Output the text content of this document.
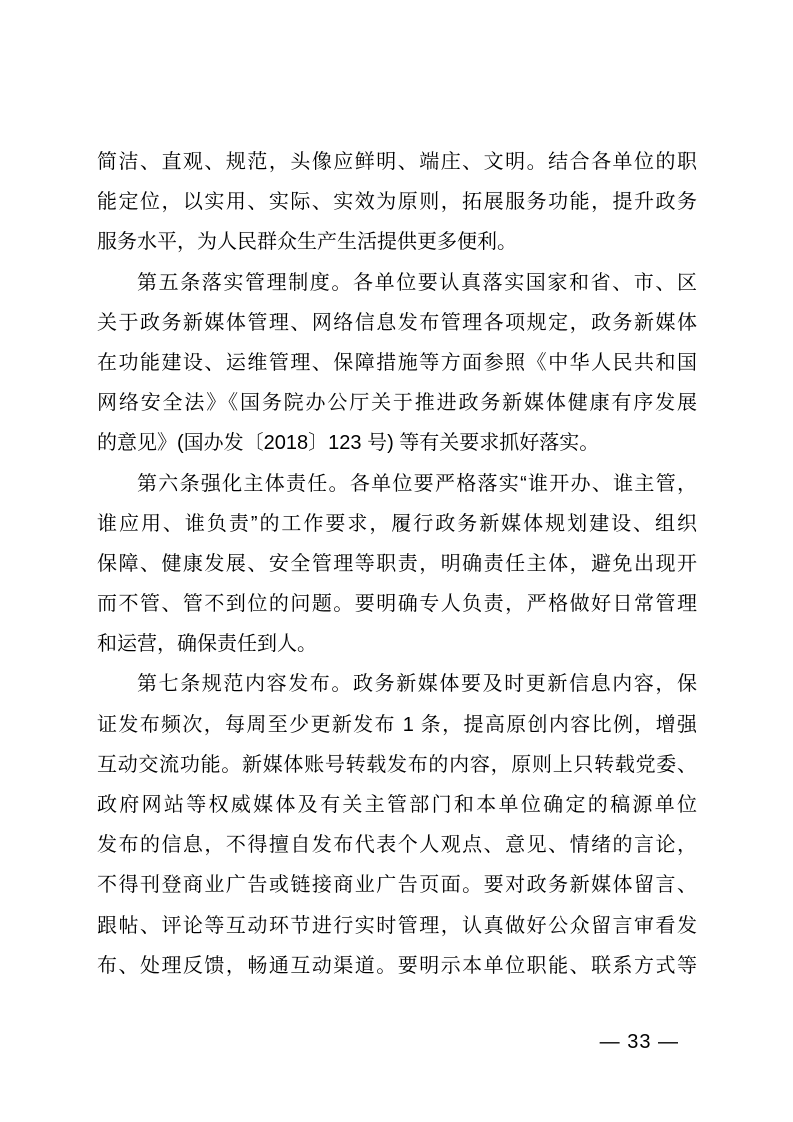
简洁、直观、规范，头像应鲜明、端庄、文明。结合各单位的职
能定位，以实用、实际、实效为原则，拓展服务功能，提升政务
服务水平，为人民群众生产生活提供更多便利。
第五条落实管理制度。各单位要认真落实国家和省、市、区
关于政务新媒体管理、网络信息发布管理各项规定，政务新媒体
在功能建设、运维管理、保障措施等方面参照《中华人民共和国
网络安全法》《国务院办公厅关于推进政务新媒体健康有序发展
的意见》(国办发〔2018〕123 号) 等有关要求抓好落实。
第六条强化主体责任。各单位要严格落实“谁开办、谁主管，
谁应用、谁负责”的工作要求，履行政务新媒体规划建设、组织
保障、健康发展、安全管理等职责，明确责任主体，避免出现开
而不管、管不到位的问题。要明确专人负责，严格做好日常管理
和运营，确保责任到人。
第七条规范内容发布。政务新媒体要及时更新信息内容，保
证发布频次，每周至少更新发布 1 条，提高原创内容比例，增强
互动交流功能。新媒体账号转载发布的内容，原则上只转载党委、
政府网站等权威媒体及有关主管部门和本单位确定的稿源单位
发布的信息，不得擅自发布代表个人观点、意见、情绪的言论，
不得刊登商业广告或链接商业广告页面。要对政务新媒体留言、
跟帖、评论等互动环节进行实时管理，认真做好公众留言审看发
布、处理反馈，畅通互动渠道。要明示本单位职能、联系方式等
— 33 —
